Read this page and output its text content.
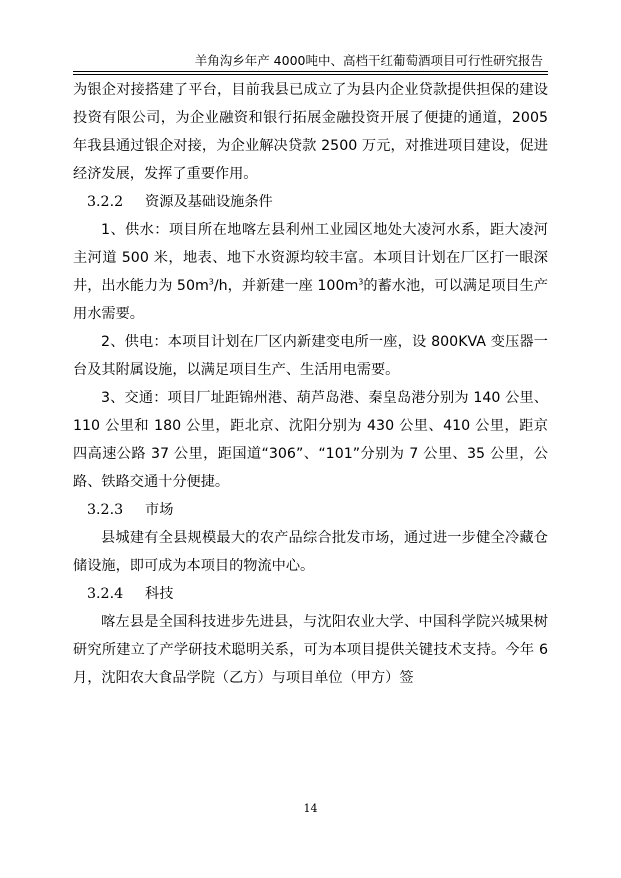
羊角沟乡年产 4000吨中、高档干红葡萄酒项目可行性研究报告

为银企对接搭建了平台，目前我县已成立了为县内企业贷款提供担保的建设投资有限公司，为企业融资和银行拓展金融投资开展了便捷的通道，2005 年我县通过银企对接，为企业解决贷款 2500 万元，对推进项目建设，促进经济发展，发挥了重要作用。

3.2.2 资源及基础设施条件

1、供水：项目所在地喀左县利州工业园区地处大凌河水系，距大凌河主河道 500 米，地表、地下水资源均较丰富。本项目计划在厂区打一眼深井，出水能力为 $50m^3/h$，并新建一座 $100m^3$的蓄水池，可以满足项目生产用水需要。

2、供电：本项目计划在厂区内新建变电所一座，设 800KVA 变压器一台及其附属设施，以满足项目生产、生活用电需要。

3、交通：项目厂址距锦州港、葫芦岛港、秦皇岛港分别为 140 公里、110 公里和 180 公里，距北京、沈阳分别为 430 公里、410 公里，距京四高速公路 37 公里，距国道“306”、“101”分别为 7 公里、35 公里，公路、铁路交通十分便捷。

3.2.3 市场

县城建有全县规模最大的农产品综合批发市场，通过进一步健全冷藏仓储设施，即可成为本项目的物流中心。

3.2.4 科技

喀左县是全国科技进步先进县，与沈阳农业大学、中国科学院兴城果树研究所建立了产学研技术聪明关系，可为本项目提供关键技术支持。今年 6 月，沈阳农大食品学院（乙方）与项目单位（甲方）签

14
